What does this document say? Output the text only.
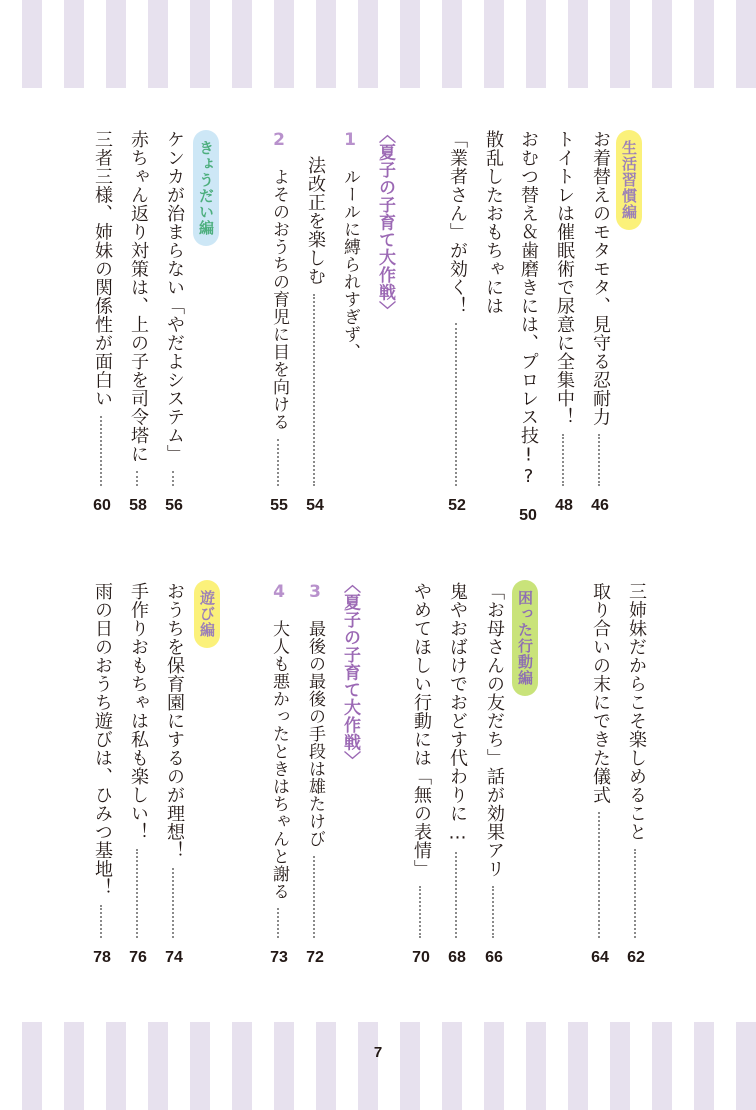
生活習慣編
お着替えのモタモタ、見守る忍耐力
46
トイトレは催眠術で尿意に全集中！
48
おむつ替え＆歯磨きには、プロレス技!?
50
散乱したおもちゃには
「業者さん」が効く！
52
〈夏子の子育て大作戦〉
1　ルールに縛られすぎず、
法改正を楽しむ
54
2　よそのおうちの育児に目を向ける
55
きょうだい編
ケンカが治まらない「やだよシステム」
56
赤ちゃん返り対策は、上の子を司令塔に
58
三者三様、姉妹の関係性が面白い
60
三姉妹だからこそ楽しめること
62
取り合いの末にできた儀式
64
困った行動編
「お母さんの友だち」話が効果アリ
66
鬼やおばけでおどす代わりに…
68
やめてほしい行動には「無の表情」
70
〈夏子の子育て大作戦〉
3　最後の最後の手段は雄たけび
72
4　大人も悪かったときはちゃんと謝る
73
遊び編
おうちを保育園にするのが理想！
74
手作りおもちゃは私も楽しい！
76
雨の日のおうち遊びは、ひみつ基地！
78
7
